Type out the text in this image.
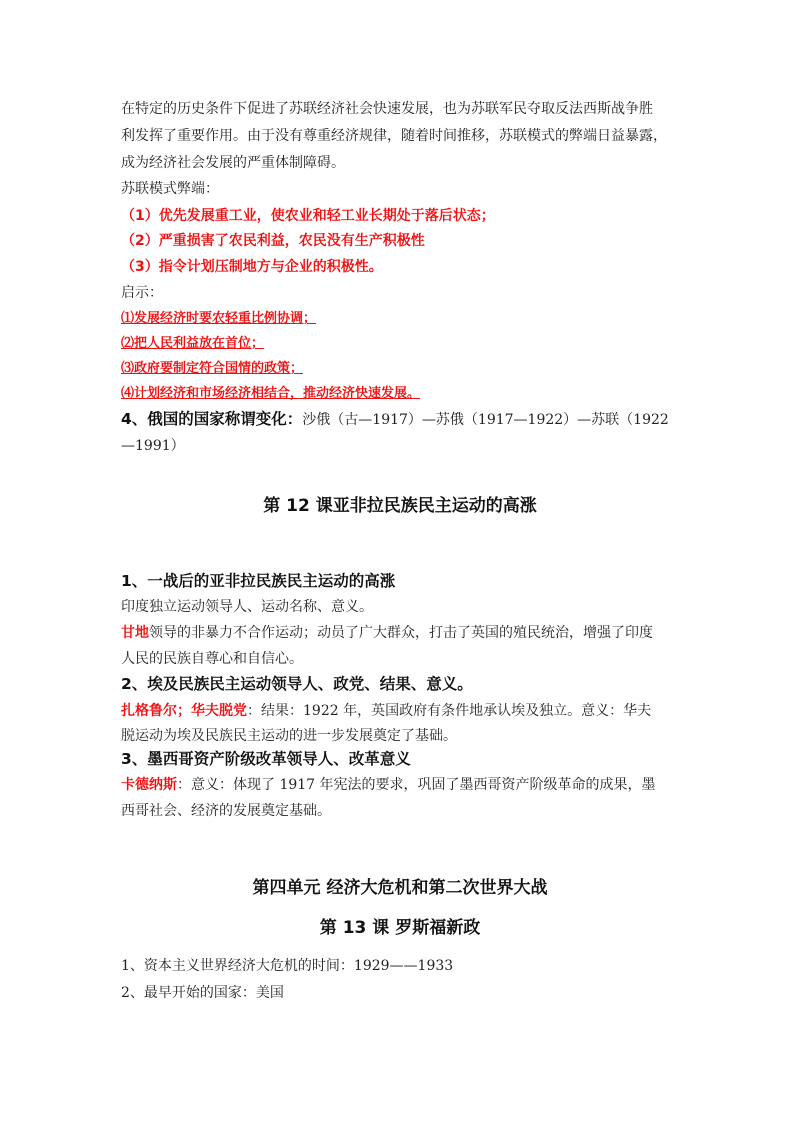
在特定的历史条件下促进了苏联经济社会快速发展，也为苏联军民夺取反法西斯战争胜
利发挥了重要作用。由于没有尊重经济规律，随着时间推移，苏联模式的弊端日益暴露，
成为经济社会发展的严重体制障碍。
苏联模式弊端：
（1）优先发展重工业，使农业和轻工业长期处于落后状态；
（2）严重损害了农民利益，农民没有生产积极性
（3）指令计划压制地方与企业的积极性。
启示：
⑴发展经济时要农轻重比例协调；
⑵把人民利益放在首位；
⑶政府要制定符合国情的政策；
⑷计划经济和市场经济相结合，推动经济快速发展。
4、俄国的国家称谓变化：沙俄（古—1917）—苏俄（1917—1922）—苏联（1922
—1991）
第 12 课亚非拉民族民主运动的高涨
1、一战后的亚非拉民族民主运动的高涨
印度独立运动领导人、运动名称、意义。
甘地领导的非暴力不合作运动；动员了广大群众，打击了英国的殖民统治，增强了印度
人民的民族自尊心和自信心。
2、埃及民族民主运动领导人、政党、结果、意义。
扎格鲁尔；华夫脱党：结果：1922 年，英国政府有条件地承认埃及独立。意义：华夫
脱运动为埃及民族民主运动的进一步发展奠定了基础。
3、墨西哥资产阶级改革领导人、改革意义
卡德纳斯：意义：体现了 1917 年宪法的要求，巩固了墨西哥资产阶级革命的成果，墨
西哥社会、经济的发展奠定基础。
第四单元 经济大危机和第二次世界大战
第 13 课 罗斯福新政
1、资本主义世界经济大危机的时间：1929——1933
2、最早开始的国家：美国
